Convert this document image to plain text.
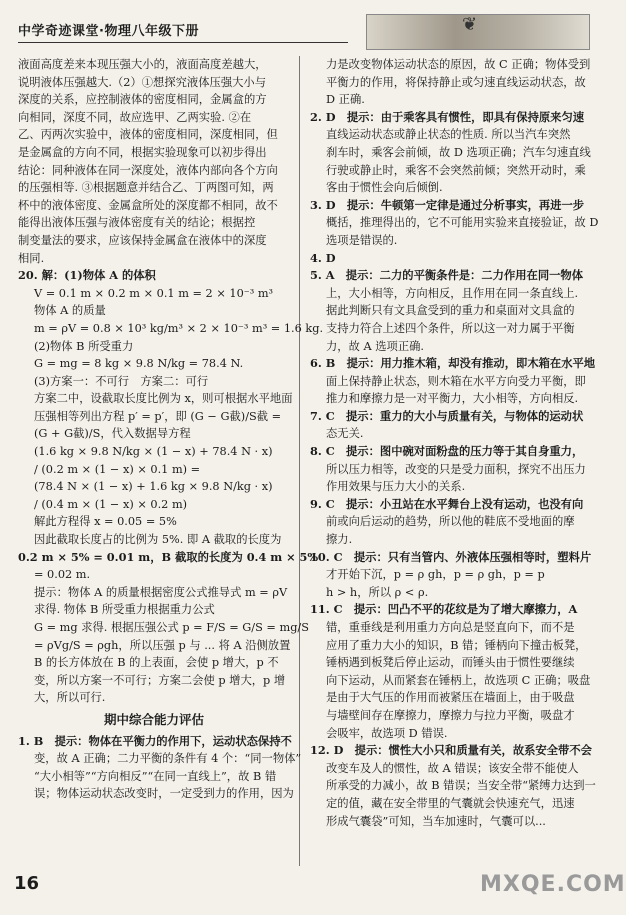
中学奇迹课堂·物理八年级下册	❦
液面高度差来本现压强大小的，液面高度差越大，
说明液体压强越大.（2）①想探究液体压强大小与
深度的关系，应控制液体的密度相同，金属盒的方
向相同，深度不同，故应选甲、乙两实验. ②在
乙、丙两次实验中，液体的密度相同，深度相同，但
是金属盒的方向不同，根据实验现象可以初步得出
结论：同种液体在同一深度处，液体内部向各个方向
的压强相等. ③根据题意并结合乙、丁两图可知，两
杯中的液体密度、金属盒所处的深度都不相同，故不
能得出液体压强与液体密度有关的结论；根据控
制变量法的要求，应该保持金属盒在液体中的深度
相同.
20. 解：(1)物体 A 的体积
V = 0.1 m × 0.2 m × 0.1 m = 2 × 10⁻³ m³
物体 A 的质量
m = ρV = 0.8 × 10³ kg/m³ × 2 × 10⁻³ m³ = 1.6 kg.
(2)物体 B 所受重力
G = mg = 8 kg × 9.8 N/kg = 78.4 N.
(3)方案一：不可行　方案二：可行
方案二中，设截取长度比例为 x，则可根据水平地面
压强相等列出方程 p′ = p′，即 (G − G截)/S截 =
(G + G截)/S，代入数据导方程
(1.6 kg × 9.8 N/kg × (1 − x) + 78.4 N · x)
/ (0.2 m × (1 − x) × 0.1 m) =
(78.4 N × (1 − x) + 1.6 kg × 9.8 N/kg · x)
/ (0.4 m × (1 − x) × 0.2 m)
解此方程得 x = 0.05 = 5%
因此截取长度占的比例为 5%. 即 A 截取的长度为
0.2 m × 5% = 0.01 m，B 截取的长度为 0.4 m × 5%
= 0.02 m.
提示：物体 A 的质量根据密度公式推导式 m = ρV
求得. 物体 B 所受重力根据重力公式
G = mg 求得. 根据压强公式 p = F/S = G/S = mg/S
= ρVg/S = ρgh，所以压强 p 与 ... 将 A 沿侧放置
B 的长方体放在 B 的上表面，会使 p 增大，p 不
变，所以方案一不可行；方案二会使 p 增大，p 增
大，所以可行.
期中综合能力评估
1. B　提示：物体在平衡力的作用下，运动状态保持不
变，故 A 正确；二力平衡的条件有 4 个：“同一物体”
“大小相等”“方向相反”“在同一直线上”，故 B 错
误；物体运动状态改变时，一定受到力的作用，因为
力是改变物体运动状态的原因，故 C 正确；物体受到
平衡力的作用，将保持静止或匀速直线运动状态，故
D 正确.
2. D　提示：由于乘客具有惯性，即具有保持原来匀速
直线运动状态或静止状态的性质. 所以当汽车突然
刹车时，乘客会前倾，故 D 选项正确；汽车匀速直线
行驶或静止时，乘客不会突然前倾；突然开动时，乘
客由于惯性会向后倾倒.
3. D　提示：牛顿第一定律是通过分析事实，再进一步
概括，推理得出的，它不可能用实验来直接验证，故 D
选项是错误的.
4. D
5. A　提示：二力的平衡条件是：二力作用在同一物体
上，大小相等，方向相反，且作用在同一条直线上.
据此判断只有文具盒受到的重力和桌面对文具盒的
支持力符合上述四个条件，所以这一对力属于平衡
力，故 A 选项正确.
6. B　提示：用力推木箱，却没有推动，即木箱在水平地
面上保持静止状态，则木箱在水平方向受力平衡，即
推力和摩擦力是一对平衡力，大小相等，方向相反.
7. C　提示：重力的大小与质量有关，与物体的运动状
态无关.
8. C　提示：图中碗对面粉盘的压力等于其自身重力，
所以压力相等，改变的只是受力面积，探究不出压力
作用效果与压力大小的关系.
9. C　提示：小丑站在水平舞台上没有运动，也没有向
前或向后运动的趋势，所以他的鞋底不受地面的摩
擦力.
10. C　提示：只有当管内、外液体压强相等时，塑料片
才开始下沉，p = ρ gh，p = ρ gh，p = p
h > h，所以 ρ < ρ.
11. C　提示：凹凸不平的花纹是为了增大摩擦力，A
错，重垂线是利用重力方向总是竖直向下，而不是
应用了重力大小的知识，B 错；锤柄向下撞击板凳，
锤柄遇到板凳后停止运动，而锤头由于惯性要继续
向下运动，从而紧套在锤柄上，故选项 C 正确；吸盘
是由于大气压的作用而被紧压在墙面上，由于吸盘
与墙壁间存在摩擦力，摩擦力与拉力平衡，吸盘才
会吸牢，故选项 D 错误.
12. D　提示：惯性大小只和质量有关，故系安全带不会
改变车及人的惯性，故 A 错误；该安全带不能使人
所承受的力减小，故 B 错误；当安全带“紧缚力达到一
定的值，藏在安全带里的气囊就会快速充气，迅速
形成气囊袋”可知，当车加速时，气囊可以...
16	MXQE.COM
